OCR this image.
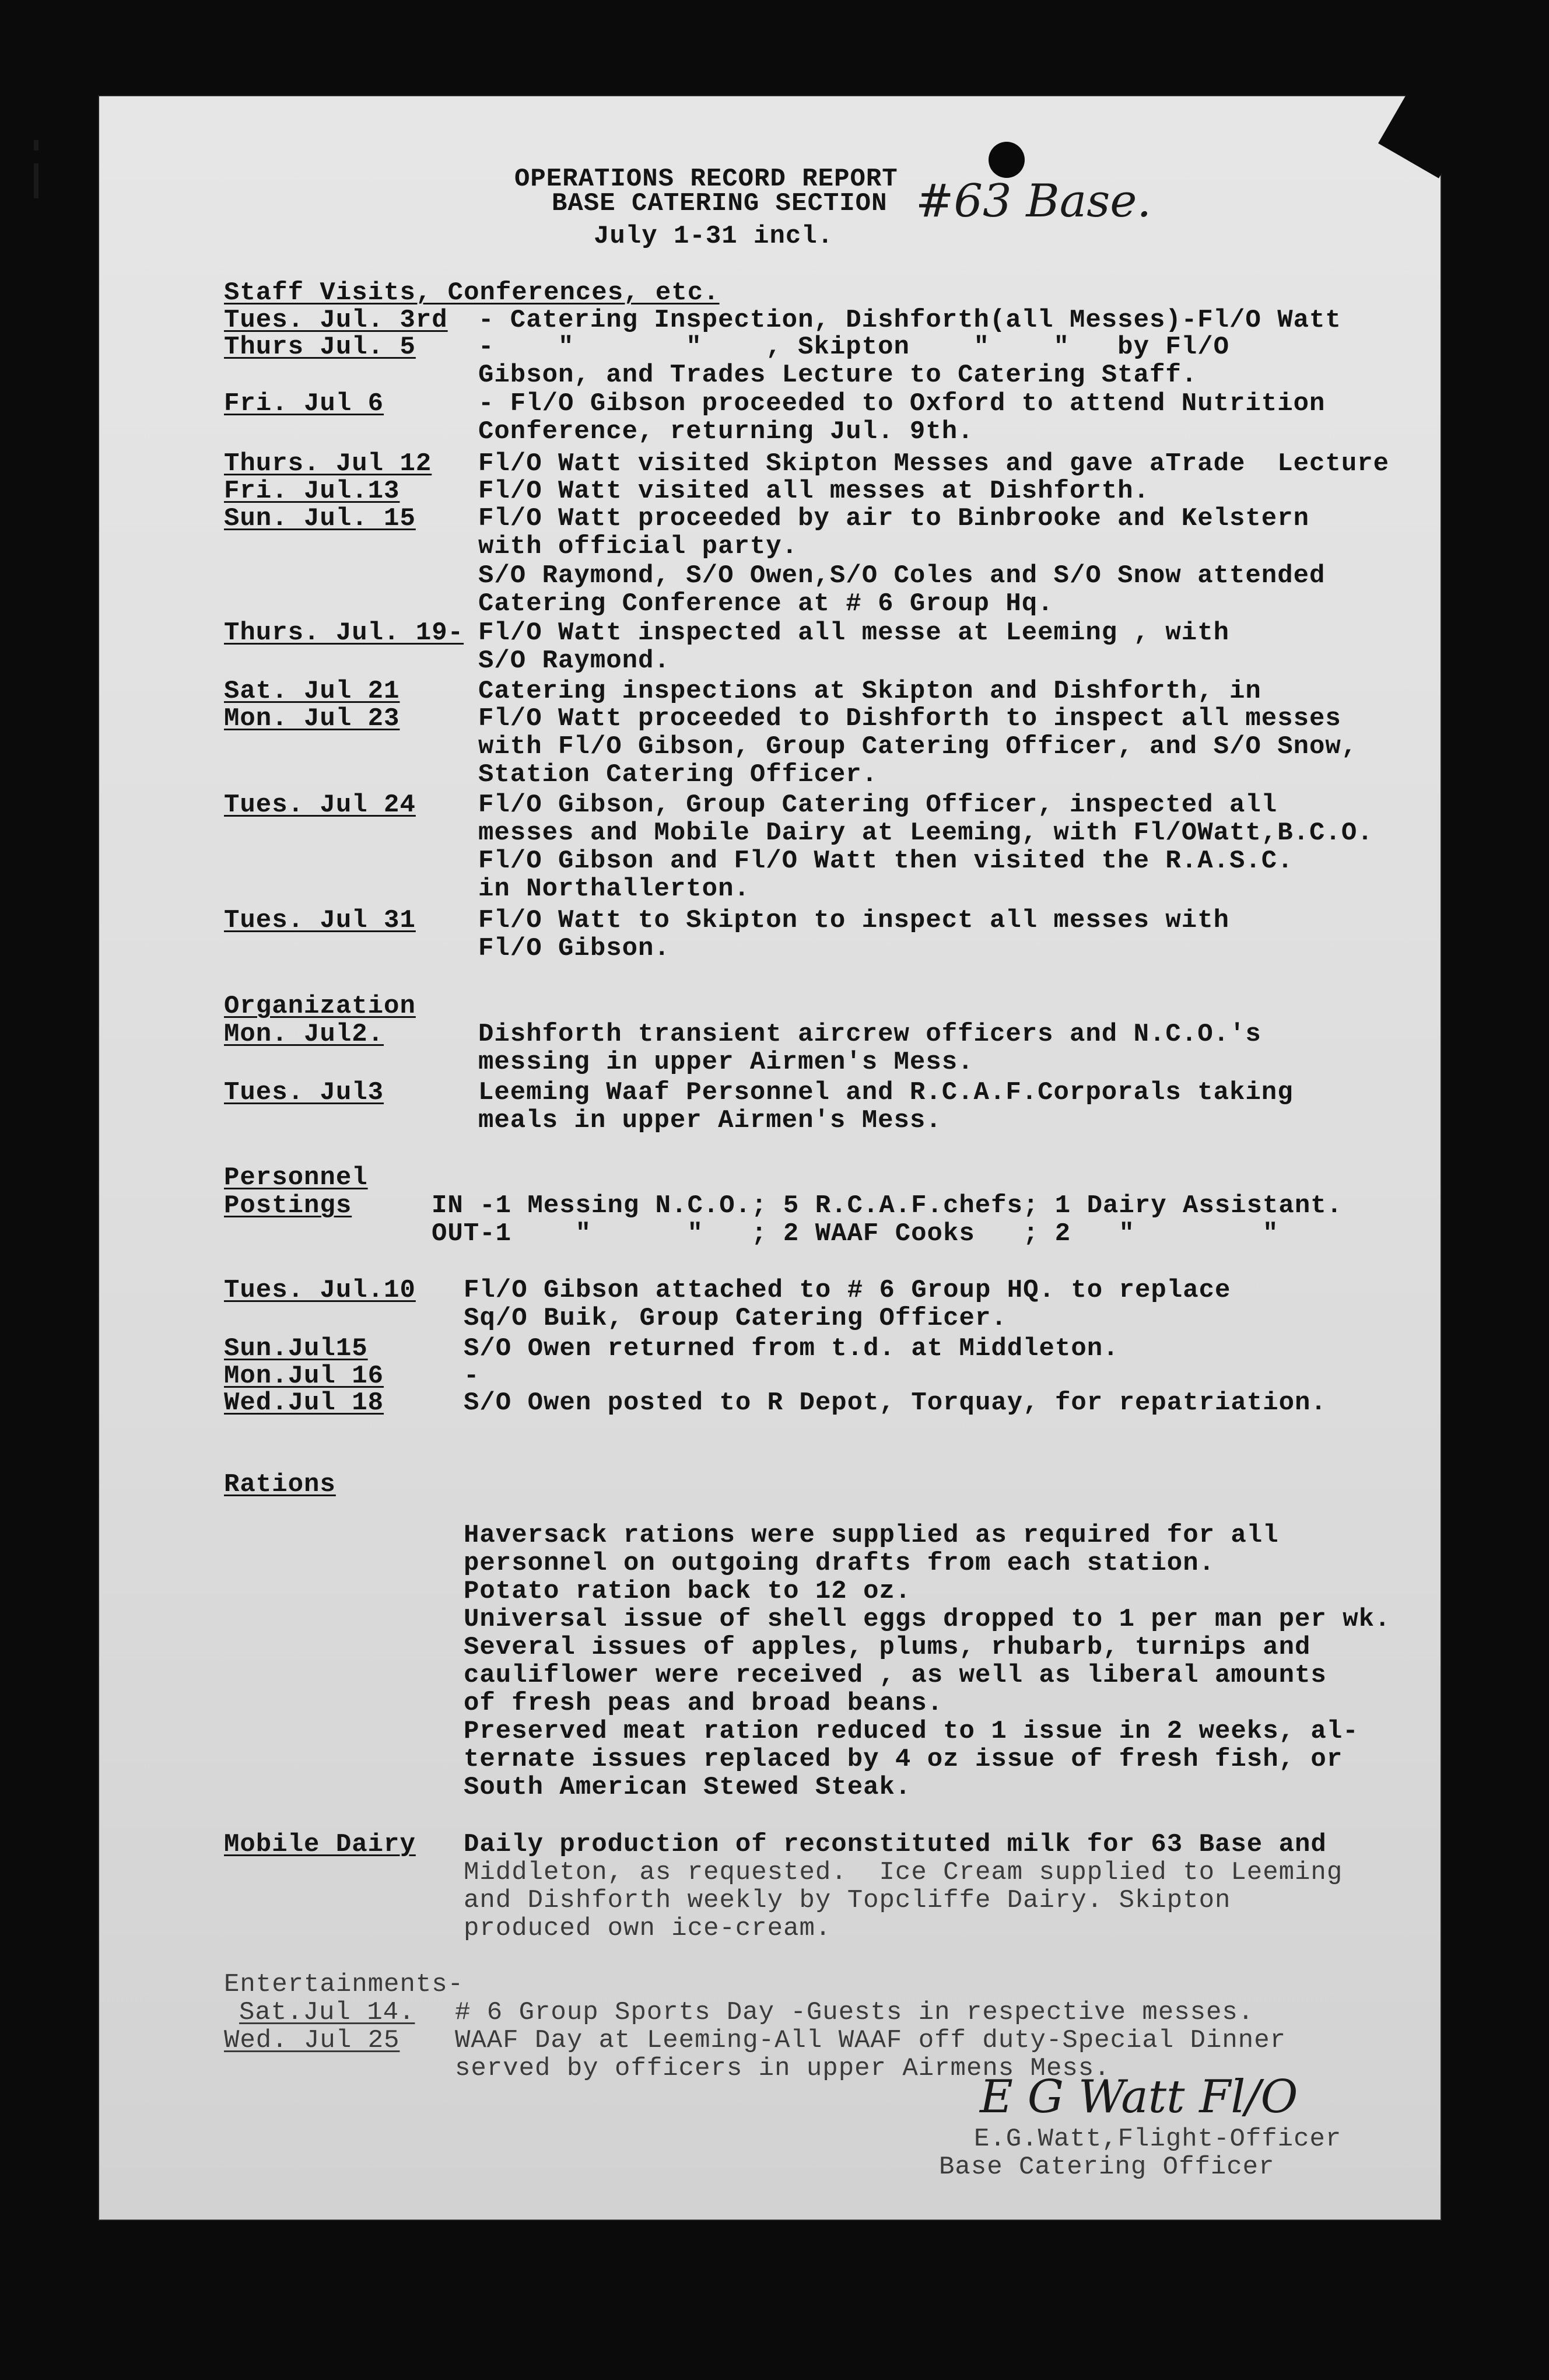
OPERATIONS RECORD REPORT
BASE CATERING SECTION #63 Base.
July 1-31 incl.
Staff Visits, Conferences, etc.
Tues. Jul. 3rd - Catering Inspection, Dishforth(all Messes)-Fl/O Watt
Thurs Jul. 5 -    "       "    , Skipton    "    "   by Fl/O
Gibson, and Trades Lecture to Catering Staff.
Fri. Jul 6	- Fl/O Gibson proceeded to Oxford to attend Nutrition
Conference, returning Jul. 9th.
Thurs. Jul 12 Fl/O Watt visited Skipton Messes and gave aTrade  Lecture
Fri. Jul.13	Fl/O Watt visited all messes at Dishforth.
Sun. Jul. 15 Fl/O Watt proceeded by air to Binbrooke and Kelstern
with official party.
S/O Raymond, S/O Owen,S/O Coles and S/O Snow attended
Catering Conference at # 6 Group Hq.
Thurs. Jul. 19- Fl/O Watt inspected all messe at Leeming , with
S/O Raymond.
Sat. Jul 21	Catering inspections at Skipton and Dishforth, in
Mon. Jul 23	Fl/O Watt proceeded to Dishforth to inspect all messes
with Fl/O Gibson, Group Catering Officer, and S/O Snow,
Station Catering Officer.
Tues. Jul 24 Fl/O Gibson, Group Catering Officer, inspected all
messes and Mobile Dairy at Leeming, with Fl/OWatt,B.C.O.
Fl/O Gibson and Fl/O Watt then visited the R.A.S.C.
in Northallerton.
Tues. Jul 31 Fl/O Watt to Skipton to inspect all messes with
Fl/O Gibson.
Organization
Mon. Jul2.	Dishforth transient aircrew officers and N.C.O.'s
messing in upper Airmen's Mess.
Tues. Jul3	Leeming Waaf Personnel and R.C.A.F.Corporals taking
meals in upper Airmen's Mess.
Personnel
Postings	IN -1 Messing N.C.O.; 5 R.C.A.F.chefs; 1 Dairy Assistant.
OUT-1    "      "   ; 2 WAAF Cooks   ; 2   "        "
Tues. Jul.10 Fl/O Gibson attached to # 6 Group HQ. to replace
Sq/O Buik, Group Catering Officer.
Sun.Jul15	S/O Owen returned from t.d. at Middleton.
Mon.Jul 16	-
Wed.Jul 18	S/O Owen posted to R Depot, Torquay, for repatriation.
Rations
Haversack rations were supplied as required for all
personnel on outgoing drafts from each station.
Potato ration back to 12 oz.
Universal issue of shell eggs dropped to 1 per man per wk.
Several issues of apples, plums, rhubarb, turnips and
cauliflower were received , as well as liberal amounts
of fresh peas and broad beans.
Preserved meat ration reduced to 1 issue in 2 weeks, al-
ternate issues replaced by 4 oz issue of fresh fish, or
South American Stewed Steak.
Mobile Dairy Daily production of reconstituted milk for 63 Base and
Middleton, as requested.  Ice Cream supplied to Leeming
and Dishforth weekly by Topcliffe Dairy. Skipton
produced own ice-cream.
Entertainments-
Sat.Jul 14. # 6 Group Sports Day -Guests in respective messes.
Wed. Jul 25 WAAF Day at Leeming-All WAAF off duty-Special Dinner
served by officers in upper Airmens Mess.
E G Watt Fl/O
E.G.Watt,Flight-Officer
Base Catering Officer
